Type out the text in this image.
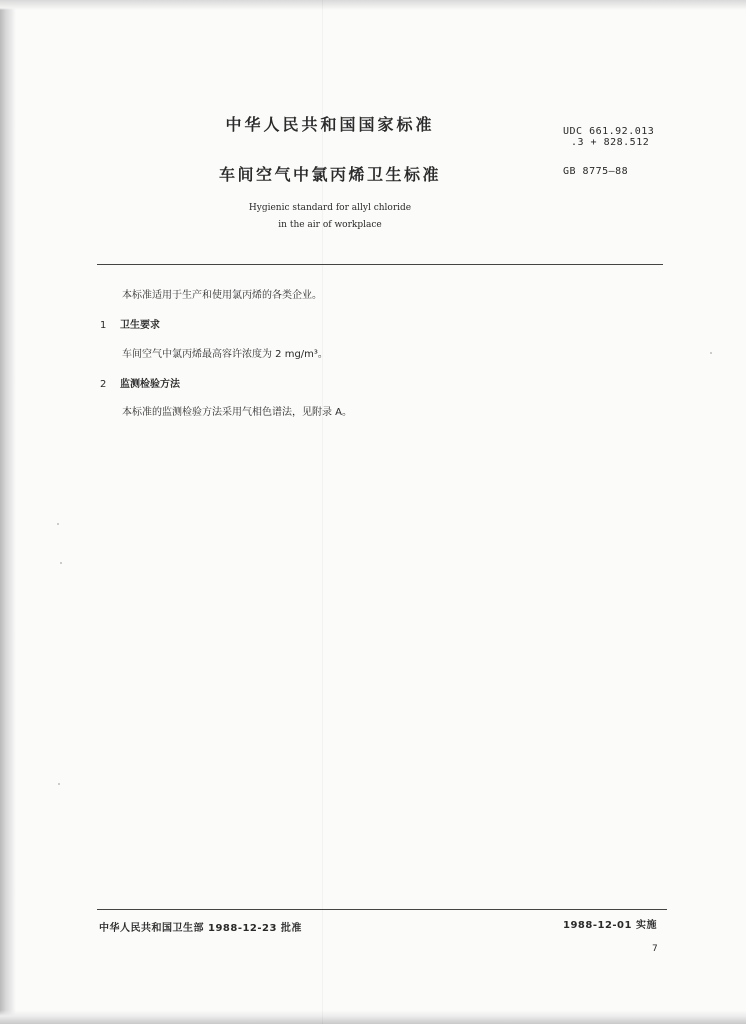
中华人民共和国国家标准	UDC 661.92.013
.3 + 828.512
车间空气中氯丙烯卫生标准	GB 8775—88
Hygienic standard for allyl chloride
in the air of workplace
本标准适用于生产和使用氯丙烯的各类企业。
1 卫生要求
车间空气中氯丙烯最高容许浓度为 2 mg/m³。
2 监测检验方法
本标准的监测检验方法采用气相色谱法，见附录 A。
中华人民共和国卫生部 1988-12-23 批准	1988-12-01 实施
7
